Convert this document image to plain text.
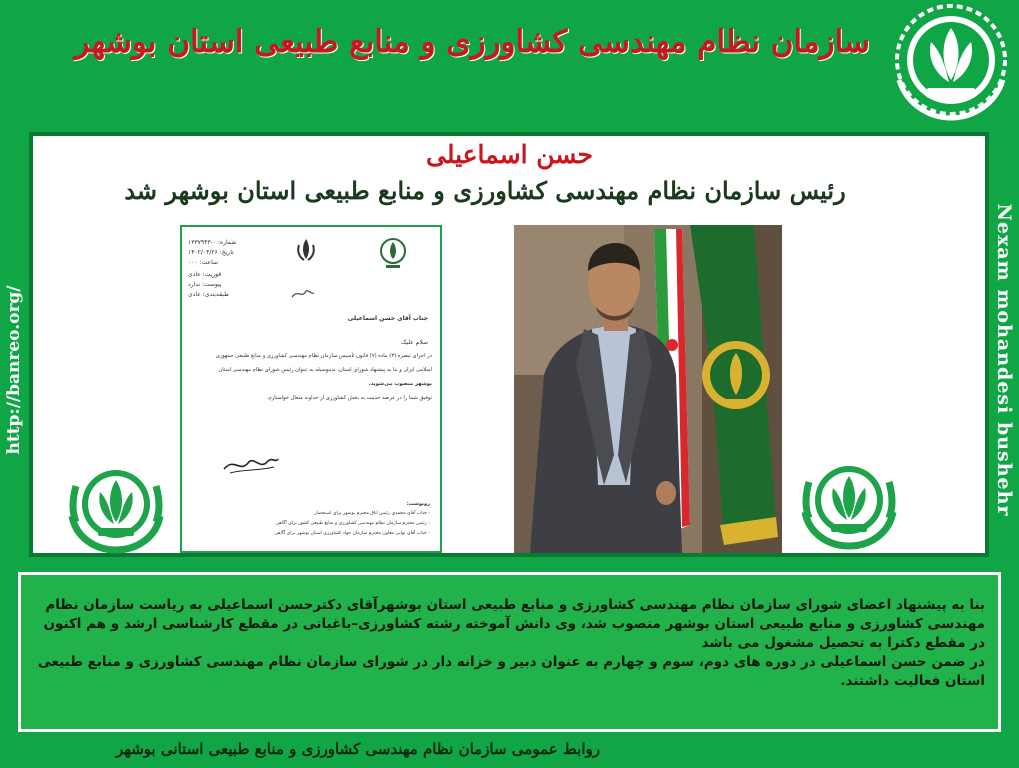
سازمان نظام مهندسی کشاورزی و منابع طبیعی استان بوشهر
http://banreo.org/	Nexam mohandesi bushehr
حسن اسماعیلی
رئیس سازمان نظام مهندسی کشاورزی و منابع طبیعی استان بوشهر شد
شماره: ۰-۱۳۳۷۹۴۳
تاریخ: ۱۴۰۲/۰۴/۲۶
ساعت: ۰۰۰
فوریت: عادی
پیوست: ندارد
طبقه‌بندی: عادی
جناب آقای حسن اسماعیلی
سلام علیک
در اجرای تبصره (۳) ماده (۷) قانون تأسیس سازمان نظام مهندسی کشاورزی و منابع طبیعی جمهوری
اسلامی ایران و بنا به پیشنهاد شورای استان، بدینوسیله به عنوان رئیس شورای نظام مهندسی استان
بوشهر منصوب می‌شوید.
توفیق شما را در عرصه خدمت به بخش کشاورزی از خداوند متعال خواستارم.
رونوشت:
- جناب آقای محمدی رئیس اتاق محترم بوشهر برای استحضار
- رئیس محترم سازمان نظام مهندسی کشاورزی و منابع طبیعی کشور برای آگاهی
- جناب آقای نوابی معاون محترم سازمان جهاد کشاورزی استان بوشهر برای آگاهی
بنا به پیشنهاد اعضای شورای سازمان نظام مهندسی کشاورزی و منابع طبیعی استان بوشهرآقای دکترحسن اسماعیلی به ریاست سازمان نظام مهندسی کشاورزی و منابع طبیعی استان بوشهر منصوب شد، وی دانش آموخته رشته کشاورزی–باغبانی در مقطع کارشناسی ارشد و هم اکنون در مقطع دکترا به تحصیل مشغول می باشد
در ضمن حسن اسماعیلی در دوره های دوم، سوم و چهارم به عنوان دبیر و خزانه دار در شورای سازمان نظام مهندسی کشاورزی و منابع طبیعی استان فعالیت داشتند.
روابط عمومی سازمان نظام مهندسی کشاورزی و منابع طبیعی استانی بوشهر
